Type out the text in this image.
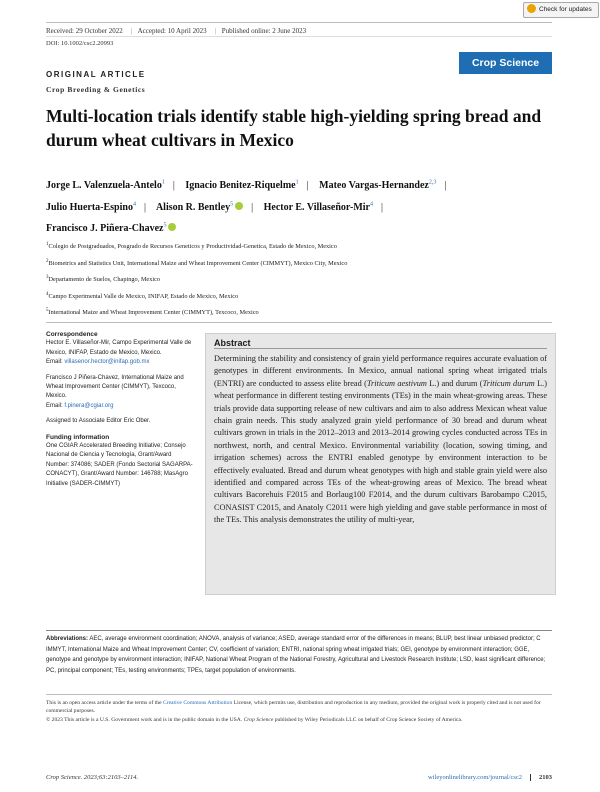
Check for updates
Received: 29 October 2022 | Accepted: 10 April 2023 | Published online: 2 June 2023
DOI: 10.1002/csc2.20993
ORIGINAL ARTICLE
Crop Breeding & Genetics
Crop Science
Multi-location trials identify stable high-yielding spring bread and durum wheat cultivars in Mexico
Jorge L. Valenzuela-Antelo$^1$ | Ignacio Benitez-Riquelme$^1$ | Mateo Vargas-Hernandez$^{2,3}$ |
Julio Huerta-Espino$^4$ | Alison R. Bentley$^5$ | Hector E. Villaseñor-Mir$^4$ |
Francisco J. Piñera-Chavez$^5$
$^1$Colegio de Postgraduados, Posgrado de Recursos Geneticos y Productividad-Genetica, Estado de Mexico, Mexico
$^2$Biometrics and Statistics Unit, International Maize and Wheat Improvement Center (CIMMYT), Mexico City, Mexico
$^3$Departamento de Suelos, Chapingo, Mexico
$^4$Campo Experimental Valle de Mexico, INIFAP, Estado de Mexico, Mexico
$^5$International Maize and Wheat Improvement Center (CIMMYT), Texcoco, Mexico
Correspondence

Hector E. Villaseñor-Mir, Campo Experimental Valle de Mexico, INIFAP, Estado de Mexico, Mexico.
Email: villasenor.hector@inifap.gob.mx

Francisco J Piñera-Chavez, International Maize and Wheat Improvement Center (CIMMYT), Texcoco, Mexico.
Email: f.pinera@cgiar.org

Assigned to Associate Editor Eric Ober.

Funding information

One CGIAR Accelerated Breeding Initiative; Consejo Nacional de Ciencia y Tecnología, Grant/Award Number: 374086; SADER (Fondo Sectorial SAGARPA-CONACYT), Grant/Award Number: 146788; MasAgro Initiative (SADER-CIMMYT)

Abstract
Determining the stability and consistency of grain yield performance requires accurate evaluation of genotypes in different environments. In Mexico, annual national spring wheat irrigated trials (ENTRI) are conducted to assess elite bread (Triticum aestivum L.) and durum (Triticum durum L.) wheat performance in different testing environments (TEs) in the main wheat-growing areas. These trials provide data supporting release of new cultivars and aim to also address Mexican wheat value chain grain needs. This study analyzed grain yield performance of 30 bread and durum wheat cultivars grown in trials in the 2012–2013 and 2013–2014 growing cycles conducted across TEs in northwest, north, and central Mexico. Environmental variability (location, sowing timing, and irrigation schemes) across the ENTRI enabled genotype by environment interaction to be effectively evaluated. Bread and durum wheat genotypes with high and stable grain yield were also identified and compared across TEs of the wheat-growing areas of Mexico. The bread wheat cultivars Bacorehuis F2015 and Borlaug100 F2014, and the durum cultivars Barobampo C2015, CONASIST C2015, and Anatoly C2011 were high yielding and gave stable performance in most of the TEs. This analysis demonstrates the utility of multi-year,
Abbreviations: AEC, average environment coordination; ANOVA, analysis of variance; ASED, average standard error of the differences in means; BLUP, best linear unbiased predictor; C IMMYT, International Maize and Wheat Improvement Center; CV, coefficient of variation; ENTRI, national spring wheat irrigated trials; GEI, genotype by environment interaction; GGE, genotype and genotype by environment interaction; INIFAP, National Wheat Program of the National Forestry, Agricultural and Livestock Research Institute; LSD, least significant difference; PC, principal component; TEs, testing environments; TPEs, target population of environments.
This is an open access article under the terms of the Creative Commons Attribution License, which permits use, distribution and reproduction in any medium, provided the original work is properly cited and is not used for commercial purposes.
© 2023 This article is a U.S. Government work and is in the public domain in the USA. Crop Science published by Wiley Periodicals LLC on behalf of Crop Science Society of America.
Crop Science. 2023;63:2103–2114.	wileyonlinelibrary.com/journal/csc2	2103
